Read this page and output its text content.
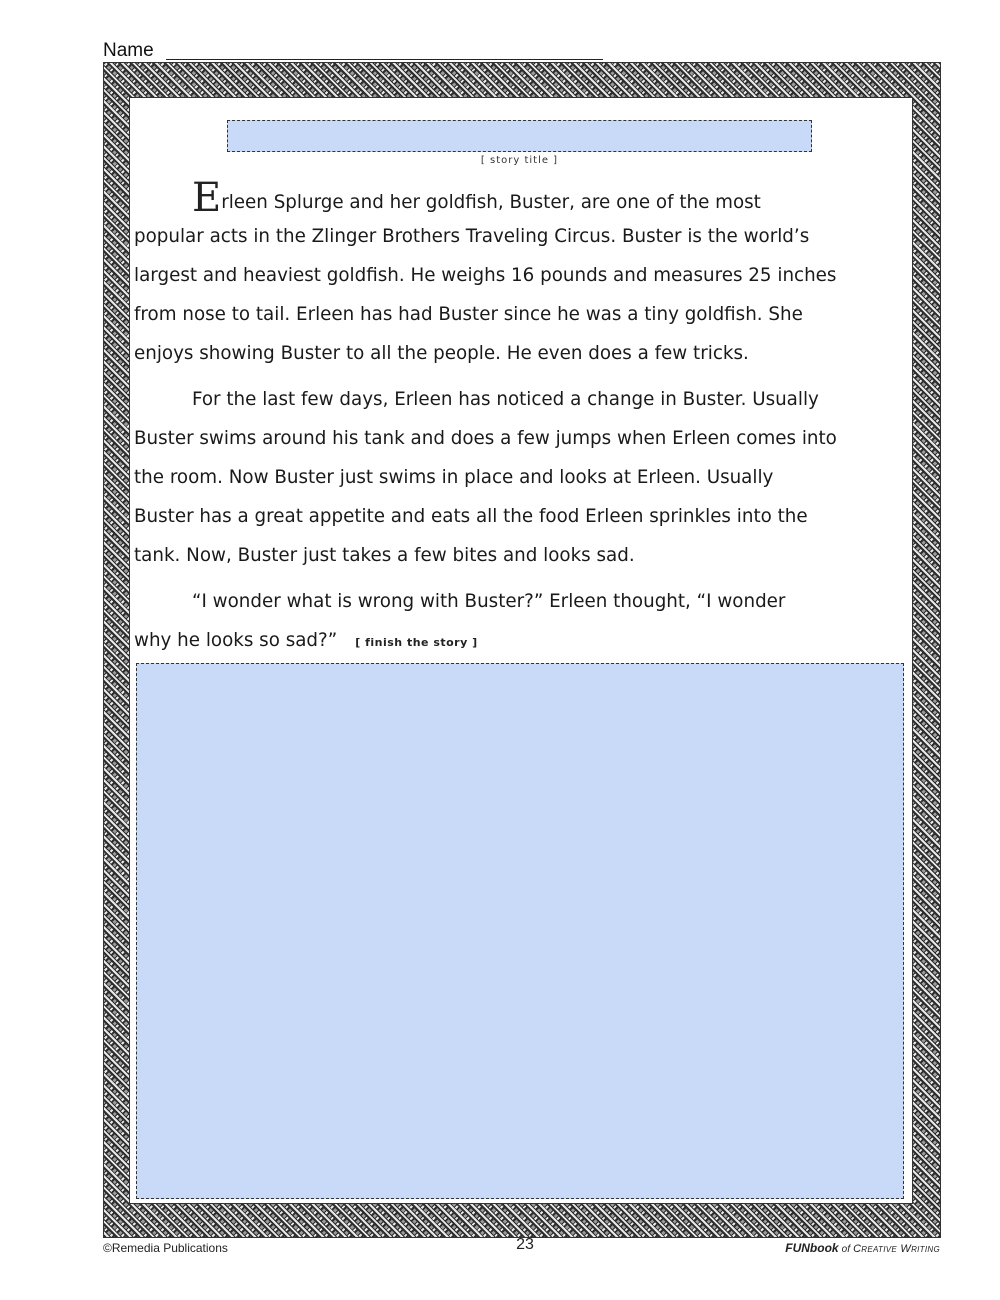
Name
[ story title ]

Erleen Splurge and her goldfish, Buster, are one of the most
popular acts in the Zlinger Brothers Traveling Circus. Buster is the world’s
largest and heaviest goldfish. He weighs 16 pounds and measures 25 inches
from nose to tail. Erleen has had Buster since he was a tiny goldfish. She
enjoys showing Buster to all the people. He even does a few tricks.

For the last few days, Erleen has noticed a change in Buster. Usually
Buster swims around his tank and does a few jumps when Erleen comes into
the room. Now Buster just swims in place and looks at Erleen. Usually
Buster has a great appetite and eats all the food Erleen sprinkles into the
tank. Now, Buster just takes a few bites and looks sad.

“I wonder what is wrong with Buster?” Erleen thought, “I wonder
why he looks so sad?” [ finish the story ]

©Remedia Publications	23	FUNbook of Creative Writing
